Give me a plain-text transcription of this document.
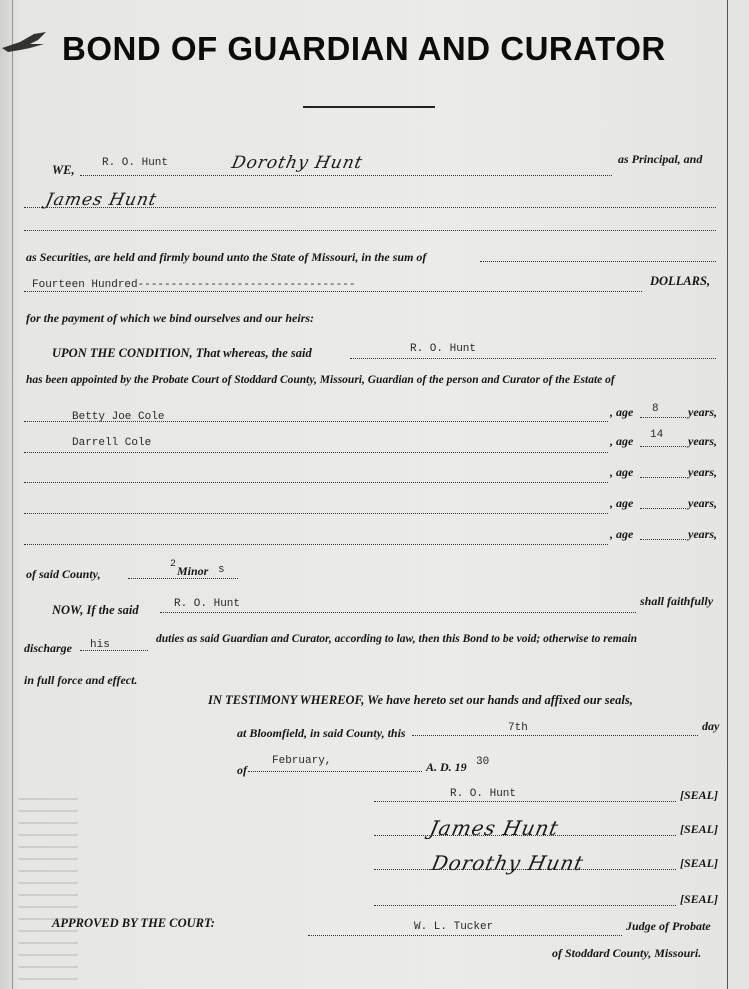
BOND OF GUARDIAN AND CURATOR
WE, R. O. Hunt	Dorothy Hunt	as Principal, and
James Hunt
as Securities, are held and firmly bound unto the State of Missouri, in the sum of
Fourteen Hundred---------------------------------	DOLLARS,
for the payment of which we bind ourselves and our heirs:
UPON THE CONDITION, That whereas, the said	R. O. Hunt
has been appointed by the Probate Court of Stoddard County, Missouri, Guardian of the person and Curator of the Estate of
Betty Joe Cole	, age 8 years,
Darrell Cole	, age 14 years,
, age	years,
, age	years,
, age	years,
of said County,
2 Minor s
NOW, If the said	R. O. Hunt	shall faithfully
discharge his	duties as said Guardian and Curator, according to law, then this Bond to be void; otherwise to remain
in full force and effect.
IN TESTIMONY WHEREOF, We have hereto set our hands and affixed our seals,
at Bloomfield, in said County, this	7th	day
of
February,	A. D. 19 30
R. O. Hunt	[SEAL]
James Hunt	[SEAL]
Dorothy Hunt	[SEAL]
[SEAL]
APPROVED BY THE COURT:	W. L. Tucker	Judge of Probate
of Stoddard County, Missouri.
